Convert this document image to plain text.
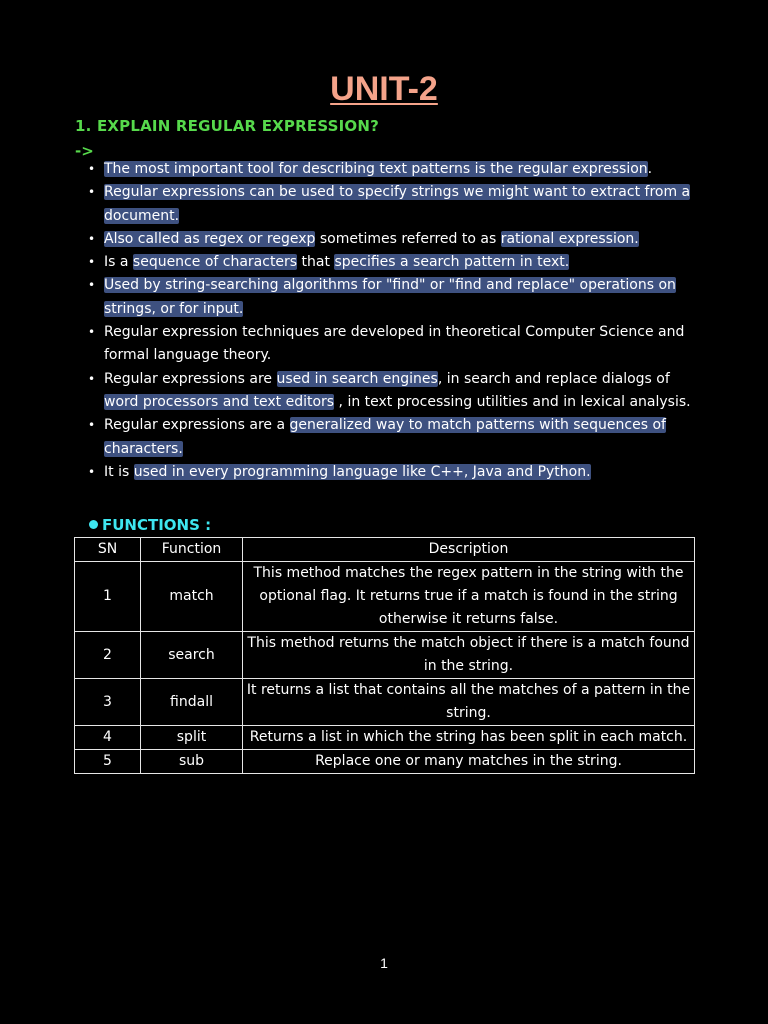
UNIT-2
1. EXPLAIN REGULAR EXPRESSION?
->
• The most important tool for describing text patterns is the regular expression.
• Regular expressions can be used to specify strings we might want to extract from a document.
• Also called as regex or regexp sometimes referred to as rational expression.
• Is a sequence of characters that specifies a search pattern in text.
• Used by string-searching algorithms for "find" or "find and replace" operations on strings, or for input.
• Regular expression techniques are developed in theoretical Computer Science and formal language theory.
• Regular expressions are used in search engines, in search and replace dialogs of word processors and text editors , in text processing utilities and in lexical analysis.
• Regular expressions are a generalized way to match patterns with sequences of characters.
• It is used in every programming language like C++, Java and Python.
FUNCTIONS :
SN	Function	Description
1	match	This method matches the regex pattern in the string with the optional flag. It returns true if a match is found in the string otherwise it returns false.
2	search	This method returns the match object if there is a match found in the string.
3	findall	It returns a list that contains all the matches of a pattern in the string.
4	split	Returns a list in which the string has been split in each match.
5	sub	Replace one or many matches in the string.
1
